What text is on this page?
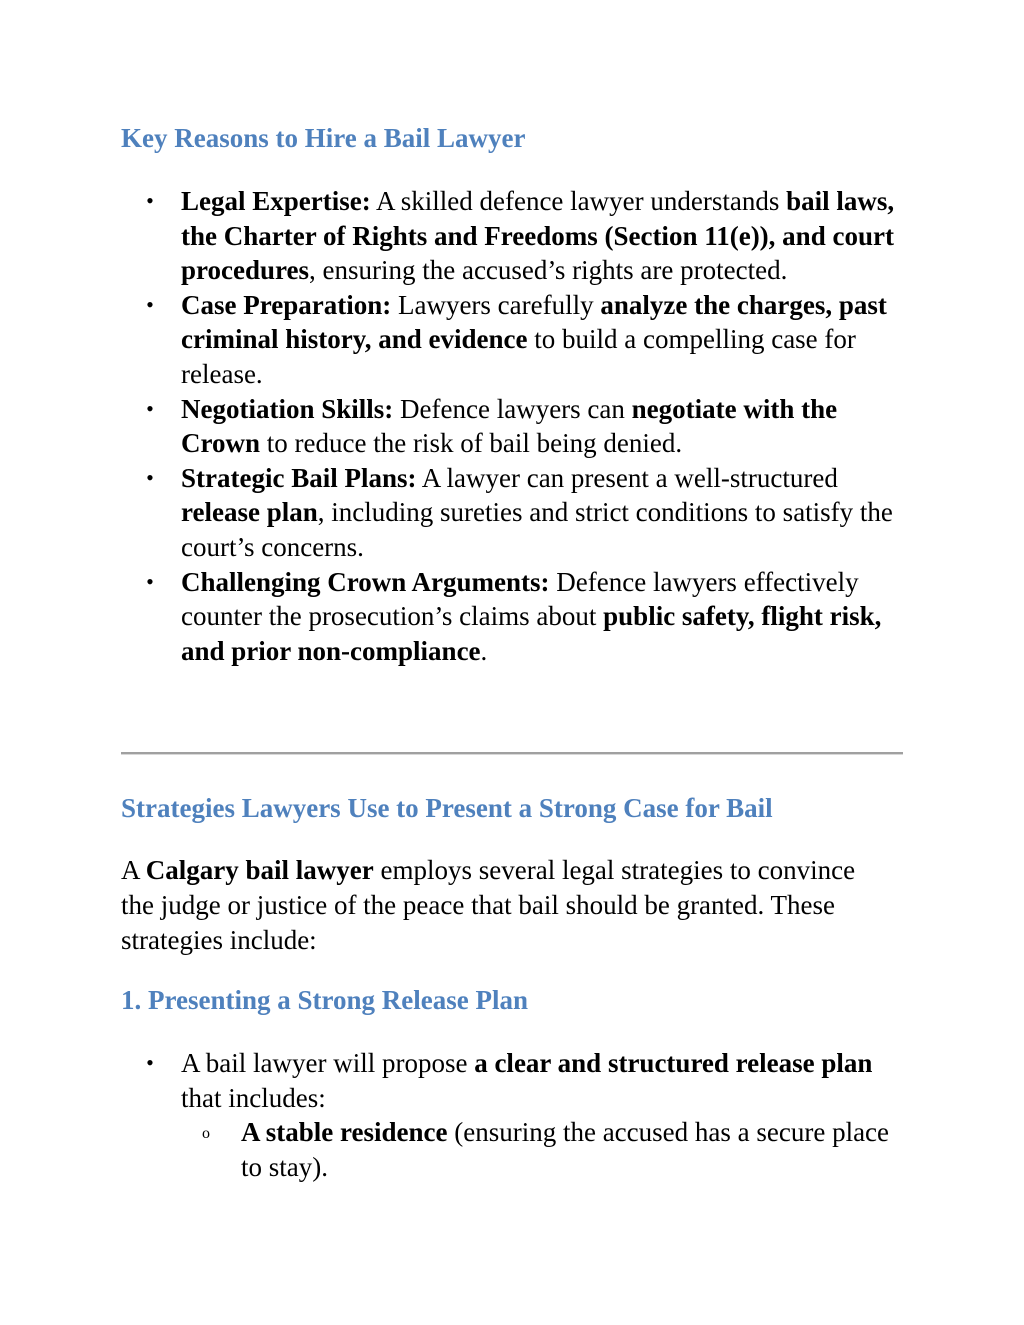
Key Reasons to Hire a Bail Lawyer
• Legal Expertise: A skilled defence lawyer understands bail laws, the Charter of Rights and Freedoms (Section 11(e)), and court procedures, ensuring the accused’s rights are protected.
• Case Preparation: Lawyers carefully analyze the charges, past criminal history, and evidence to build a compelling case for release.
• Negotiation Skills: Defence lawyers can negotiate with the Crown to reduce the risk of bail being denied.
• Strategic Bail Plans: A lawyer can present a well-structured release plan, including sureties and strict conditions to satisfy the court’s concerns.
• Challenging Crown Arguments: Defence lawyers effectively counter the prosecution’s claims about public safety, flight risk, and prior non-compliance.
Strategies Lawyers Use to Present a Strong Case for Bail

A Calgary bail lawyer employs several legal strategies to convince the judge or justice of the peace that bail should be granted. These strategies include:

1. Presenting a Strong Release Plan
• A bail lawyer will propose a clear and structured release plan that includes:
o A stable residence (ensuring the accused has a secure place to stay).
